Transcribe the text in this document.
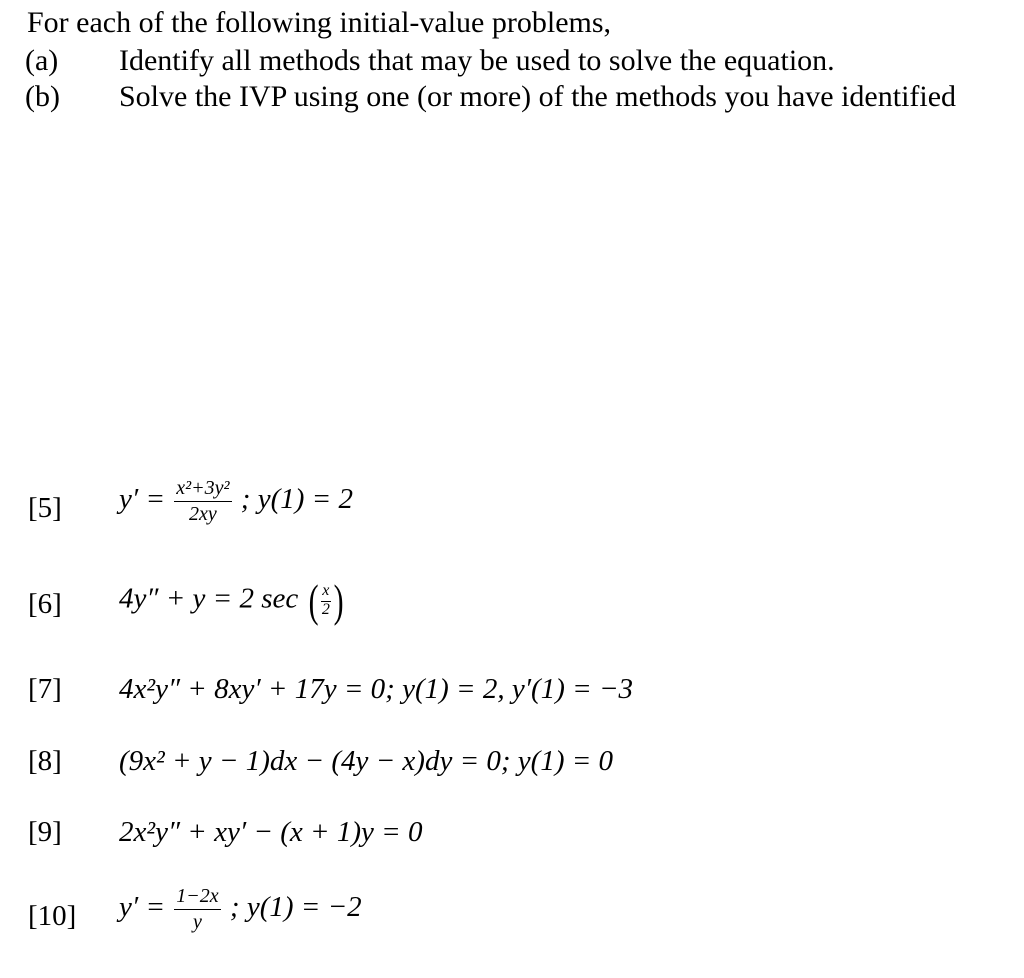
For each of the following initial-value problems,
(a) Identify all methods that may be used to solve the equation.
(b) Solve the IVP using one (or more) of the methods you have identified
[5] $y' = \frac{\text{x²+3y²}}{2xy}$ ; y(1) = 2
[6] 4y″ + y = 2 sec ( $\frac{x}{2}$ )
[7] 4x²y″ + 8xy′ + 17y = 0; y(1) = 2, y′(1) = −3
[8] (9x² + y − 1)dx − (4y − x)dy = 0; y(1) = 0
[9] 2x²y″ + xy′ − (x + 1)y = 0
[10] $y' = \frac{1-2x}{y}$ ; y(1) = −2
